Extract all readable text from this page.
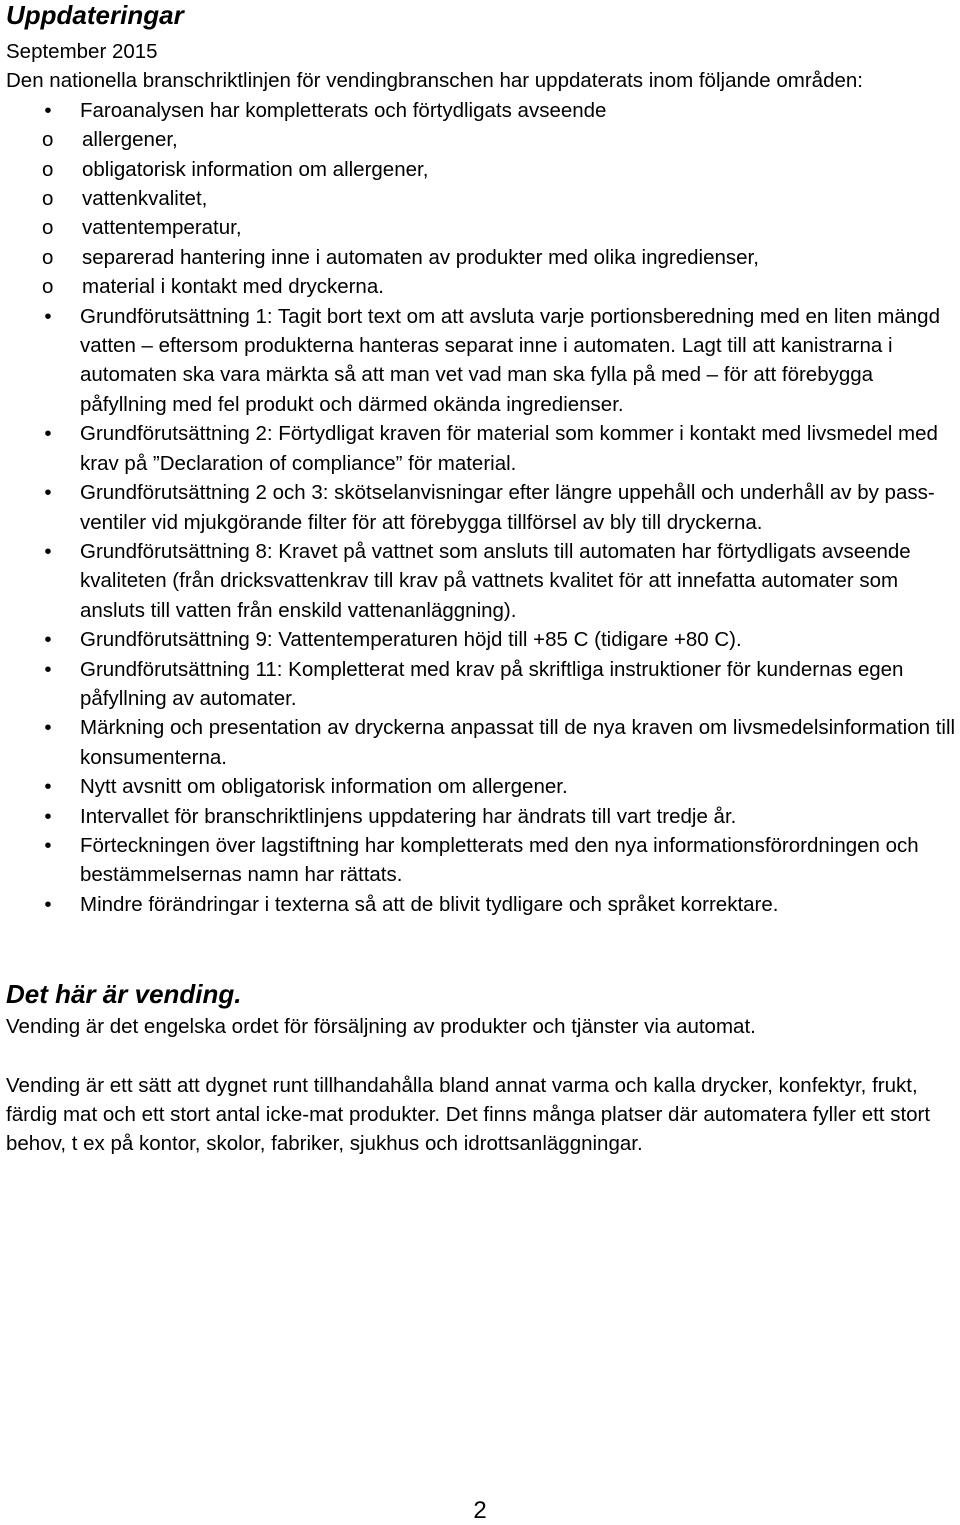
Uppdateringar

September 2015

Den nationella branschriktlinjen för vendingbranschen har uppdaterats inom följande områden:

• Faroanalysen har kompletterats och förtydligats avseende
o allergener,
o obligatorisk information om allergener,
o vattenkvalitet,
o vattentemperatur,
o separerad hantering inne i automaten av produkter med olika ingredienser,
o material i kontakt med dryckerna.
• Grundförutsättning 1: Tagit bort text om att avsluta varje portionsberedning med en liten mängd vatten – eftersom produkterna hanteras separat inne i automaten. Lagt till att kanistrarna i automaten ska vara märkta så att man vet vad man ska fylla på med – för att förebygga påfyllning med fel produkt och därmed okända ingredienser.
• Grundförutsättning 2: Förtydligat kraven för material som kommer i kontakt med livsmedel med krav på ”Declaration of compliance” för material.
• Grundförutsättning 2 och 3: skötselanvisningar efter längre uppehåll och underhåll av by pass-ventiler vid mjukgörande filter för att förebygga tillförsel av bly till dryckerna.
• Grundförutsättning 8: Kravet på vattnet som ansluts till automaten har förtydligats avseende kvaliteten (från dricksvattenkrav till krav på vattnets kvalitet för att innefatta automater som ansluts till vatten från enskild vattenanläggning).
• Grundförutsättning 9: Vattentemperaturen höjd till +85 C (tidigare +80 C).
• Grundförutsättning 11: Kompletterat med krav på skriftliga instruktioner för kundernas egen påfyllning av automater.
• Märkning och presentation av dryckerna anpassat till de nya kraven om livsmedelsinformation till konsumenterna.
• Nytt avsnitt om obligatorisk information om allergener.
• Intervallet för branschriktlinjens uppdatering har ändrats till vart tredje år.
• Förteckningen över lagstiftning har kompletterats med den nya informationsförordningen och bestämmelsernas namn har rättats.
• Mindre förändringar i texterna så att de blivit tydligare och språket korrektare.
Det här är vending.

Vending är det engelska ordet för försäljning av produkter och tjänster via automat.

Vending är ett sätt att dygnet runt tillhandahålla bland annat varma och kalla drycker, konfektyr, frukt, färdig mat och ett stort antal icke-mat produkter. Det finns många platser där automatera fyller ett stort behov, t ex på kontor, skolor, fabriker, sjukhus och idrottsanläggningar.

2
